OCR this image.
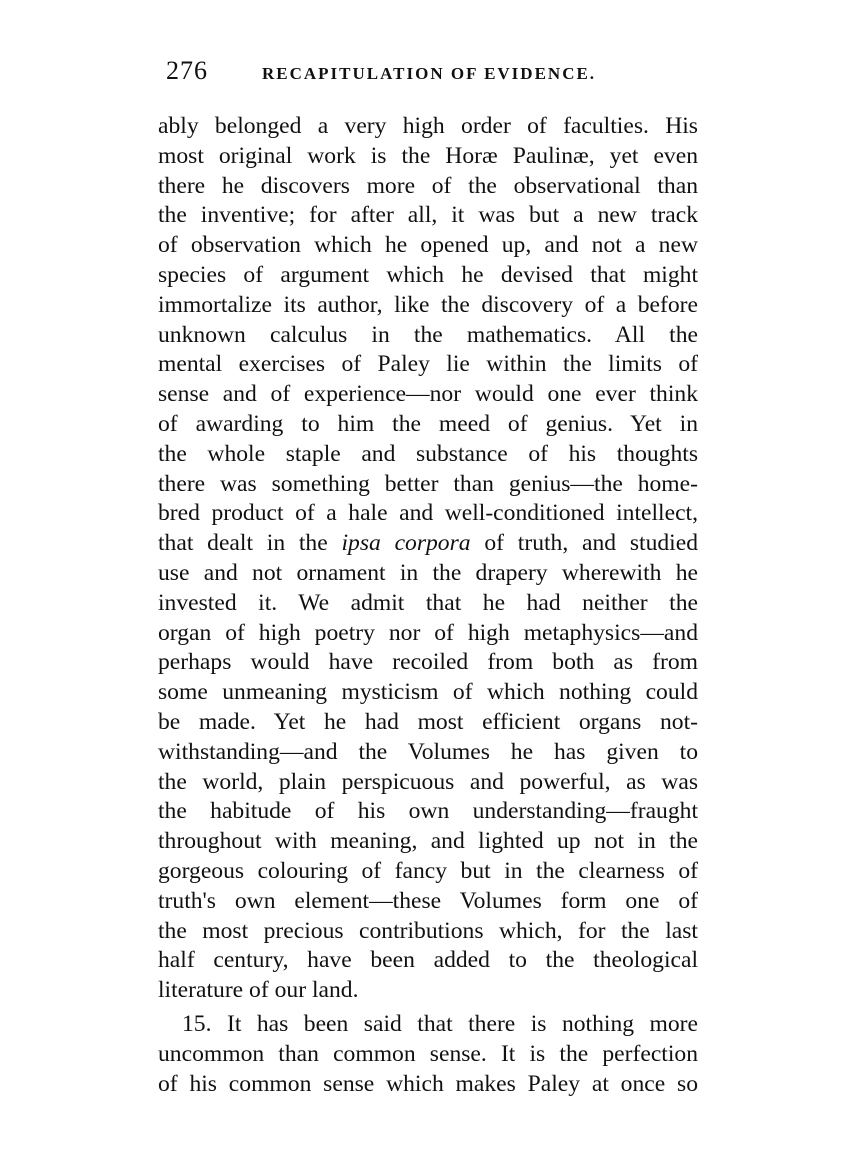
276	RECAPITULATION OF EVIDENCE.
ably belonged a very high order of faculties. His
most original work is the Horæ Paulinæ, yet even
there he discovers more of the observational than
the inventive; for after all, it was but a new track
of observation which he opened up, and not a new
species of argument which he devised that might
immortalize its author, like the discovery of a before
unknown calculus in the mathematics. All the
mental exercises of Paley lie within the limits of
sense and of experience—nor would one ever think
of awarding to him the meed of genius. Yet in
the whole staple and substance of his thoughts
there was something better than genius—the home-
bred product of a hale and well-conditioned intellect,
that dealt in the ipsa corpora of truth, and studied
use and not ornament in the drapery wherewith he
invested it. We admit that he had neither the
organ of high poetry nor of high metaphysics—and
perhaps would have recoiled from both as from
some unmeaning mysticism of which nothing could
be made. Yet he had most efficient organs not-
withstanding—and the Volumes he has given to
the world, plain perspicuous and powerful, as was
the habitude of his own understanding—fraught
throughout with meaning, and lighted up not in the
gorgeous colouring of fancy but in the clearness of
truth's own element—these Volumes form one of
the most precious contributions which, for the last
half century, have been added to the theological
literature of our land.
15. It has been said that there is nothing more
uncommon than common sense. It is the perfection
of his common sense which makes Paley at once so
